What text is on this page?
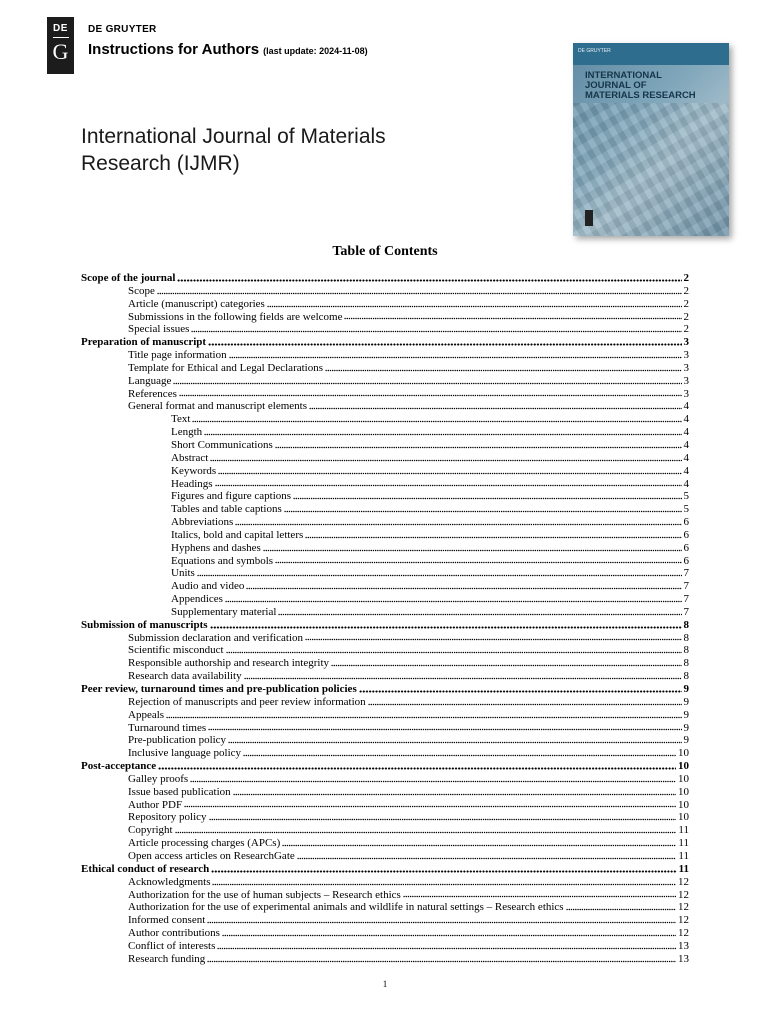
DE
G
DE GRUYTER
Instructions for Authors (last update: 2024-11-08)	DE GRUYTER
INTERNATIONAL
JOURNAL OF
MATERIALS RESEARCH
International Journal of Materials Research (IJMR)
Table of Contents
Scope of the journal	2
Scope	2
Article (manuscript) categories	2
Submissions in the following fields are welcome	2
Special issues	2
Preparation of manuscript	3
Title page information	3
Template for Ethical and Legal Declarations	3
Language	3
References	3
General format and manuscript elements	4
Text	4
Length	4
Short Communications	4
Abstract	4
Keywords	4
Headings	4
Figures and figure captions	5
Tables and table captions	5
Abbreviations	6
Italics, bold and capital letters	6
Hyphens and dashes	6
Equations and symbols	6
Units	7
Audio and video	7
Appendices	7
Supplementary material	7
Submission of manuscripts	8
Submission declaration and verification	8
Scientific misconduct	8
Responsible authorship and research integrity	8
Research data availability	8
Peer review, turnaround times and pre-publication policies	9
Rejection of manuscripts and peer review information	9
Appeals	9
Turnaround times	9
Pre-publication policy	9
Inclusive language policy	10
Post-acceptance	10
Galley proofs	10
Issue based publication	10
Author PDF	10
Repository policy	10
Copyright	11
Article processing charges (APCs)	11
Open access articles on ResearchGate	11
Ethical conduct of research	11
Acknowledgments	12
Authorization for the use of human subjects – Research ethics	12
Authorization for the use of experimental animals and wildlife in natural settings – Research ethics	12
Informed consent	12
Author contributions	12
Conflict of interests	13
Research funding	13
1
